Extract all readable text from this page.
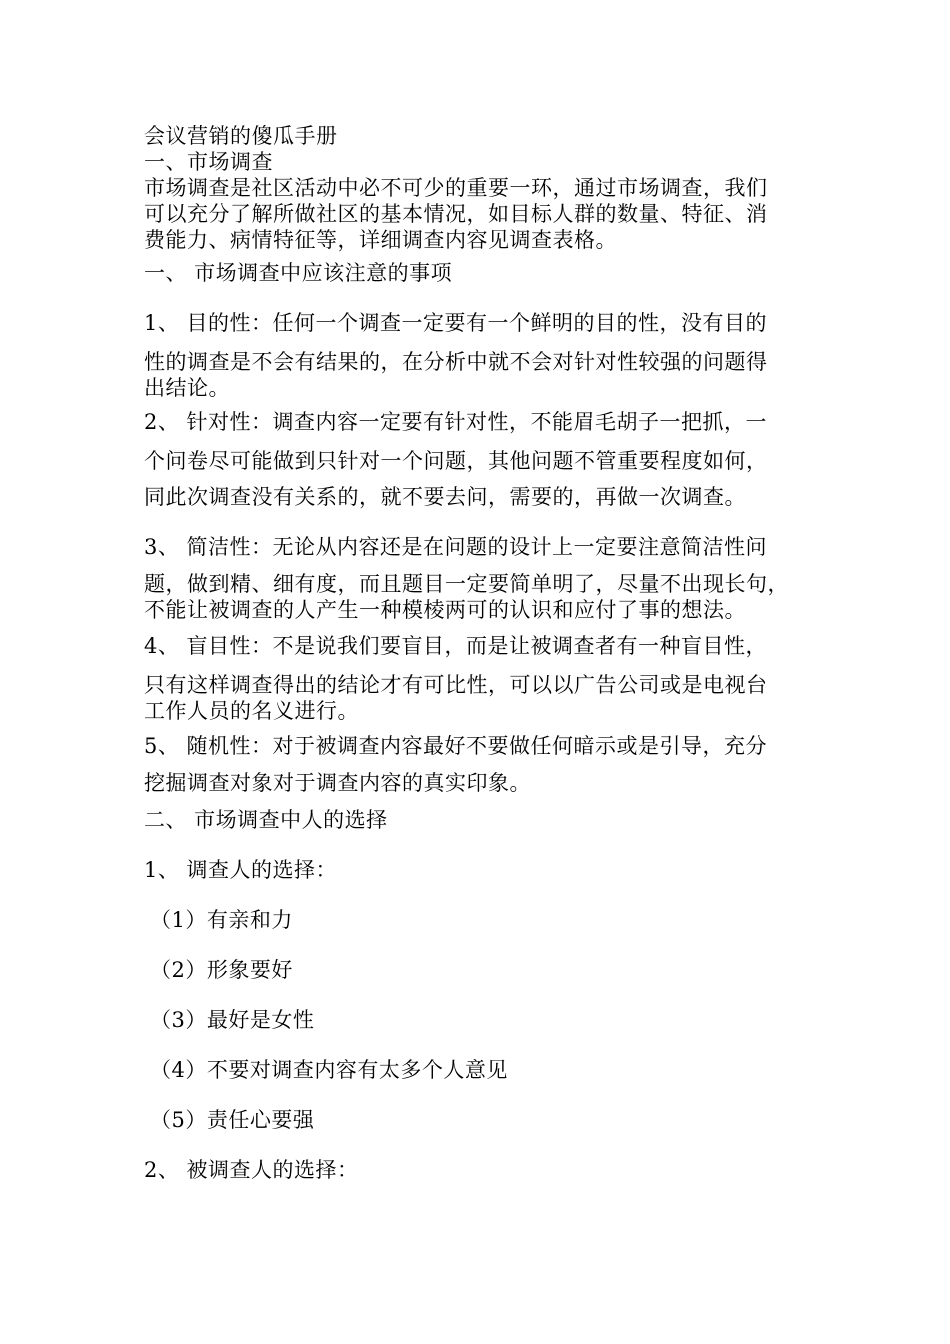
会议营销的傻瓜手册
一、市场调查
市场调查是社区活动中必不可少的重要一环，通过市场调查，我们
可以充分了解所做社区的基本情况，如目标人群的数量、特征、消
费能力、病情特征等，详细调查内容见调查表格。
一、 市场调查中应该注意的事项
1、 目的性：任何一个调查一定要有一个鲜明的目的性，没有目的
性的调查是不会有结果的，在分析中就不会对针对性较强的问题得
出结论。
2、 针对性：调查内容一定要有针对性，不能眉毛胡子一把抓，一
个问卷尽可能做到只针对一个问题，其他问题不管重要程度如何，
同此次调查没有关系的，就不要去问，需要的，再做一次调查。
3、 简洁性：无论从内容还是在问题的设计上一定要注意简洁性问
题，做到精、细有度，而且题目一定要简单明了，尽量不出现长句，
不能让被调查的人产生一种模棱两可的认识和应付了事的想法。
4、 盲目性：不是说我们要盲目，而是让被调查者有一种盲目性，
只有这样调查得出的结论才有可比性，可以以广告公司或是电视台
工作人员的名义进行。
5、 随机性：对于被调查内容最好不要做任何暗示或是引导，充分
挖掘调查对象对于调查内容的真实印象。
二、 市场调查中人的选择
1、 调查人的选择：
（1）有亲和力
（2）形象要好
（3）最好是女性
（4）不要对调查内容有太多个人意见
（5）责任心要强
2、 被调查人的选择：
